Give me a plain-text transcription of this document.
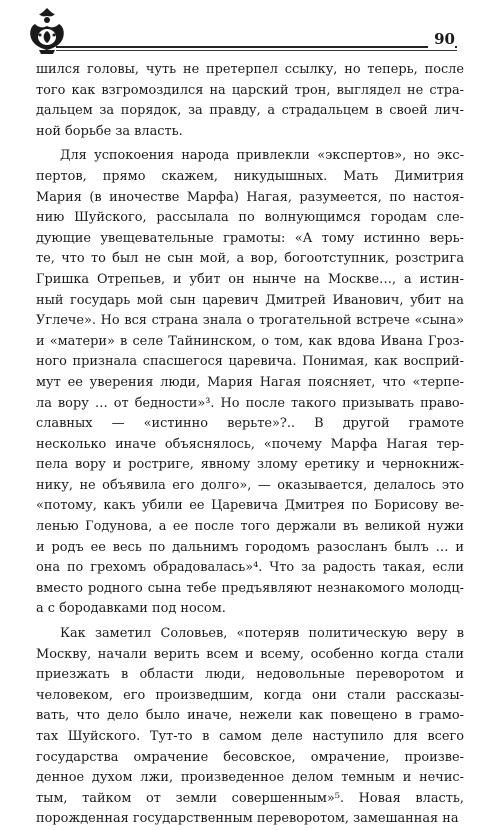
90
шился головы, чуть не претерпел ссылку, но теперь, после
того как взгромоздился на царский трон, выглядел не стра-
дальцем за порядок, за правду, а страдальцем в своей лич-
ной борьбе за власть.
Для успокоения народа привлекли «экспертов», но экс-
пертов, прямо скажем, никудышных. Мать Димитрия
Мария (в иночестве Марфа) Нагая, разумеется, по настоя-
нию Шуйского, рассылала по волнующимся городам сле-
дующие увещевательные грамоты: «А тому истинно верь-
те, что то был не сын мой, а вор, богоотступник, розстрига
Гришка Отрепьев, и убит он нынче на Москве…, а истин-
ный государь мой сын царевич Дмитрей Иванович, убит на
Углече». Но вся страна знала о трогательной встрече «сына»
и «матери» в селе Тайнинском, о том, как вдова Ивана Гроз-
ного признала спасшегося царевича. Понимая, как восприй-
мут ее уверения люди, Мария Нагая поясняет, что «терпе-
ла вору … от бедности»³. Но после такого призывать право-
славных — «истинно верьте»?.. В другой грамоте
несколько иначе объяснялось, «почему Марфа Нагая тер-
пела вору и ростриге, явному злому еретику и чернокниж-
нику, не объявила его долго», — оказывается, делалось это
«потому, какъ убили ее Царевича Дмитрея по Борисову ве-
ленью Годунова, а ее после того держали въ великой нужи
и родъ ее весь по дальнимъ городомъ разосланъ былъ … и
она по грехомъ обрадовалась»⁴. Что за радость такая, если
вместо родного сына тебе предъявляют незнакомого молодц-
а с бородавками под носом.
Как заметил Соловьев, «потеряв политическую веру в
Москву, начали верить всем и всему, особенно когда стали
приезжать в области люди, недовольные переворотом и
человеком, его произведшим, когда они стали рассказы-
вать, что дело было иначе, нежели как повещено в грамо-
тах Шуйского. Тут-то в самом деле наступило для всего
государства омрачение бесовское, омрачение, произве-
денное духом лжи, произведенное делом темным и нечис-
тым, тайком от земли совершенным»⁵. Новая власть,
порожденная государственным переворотом, замешанная на
